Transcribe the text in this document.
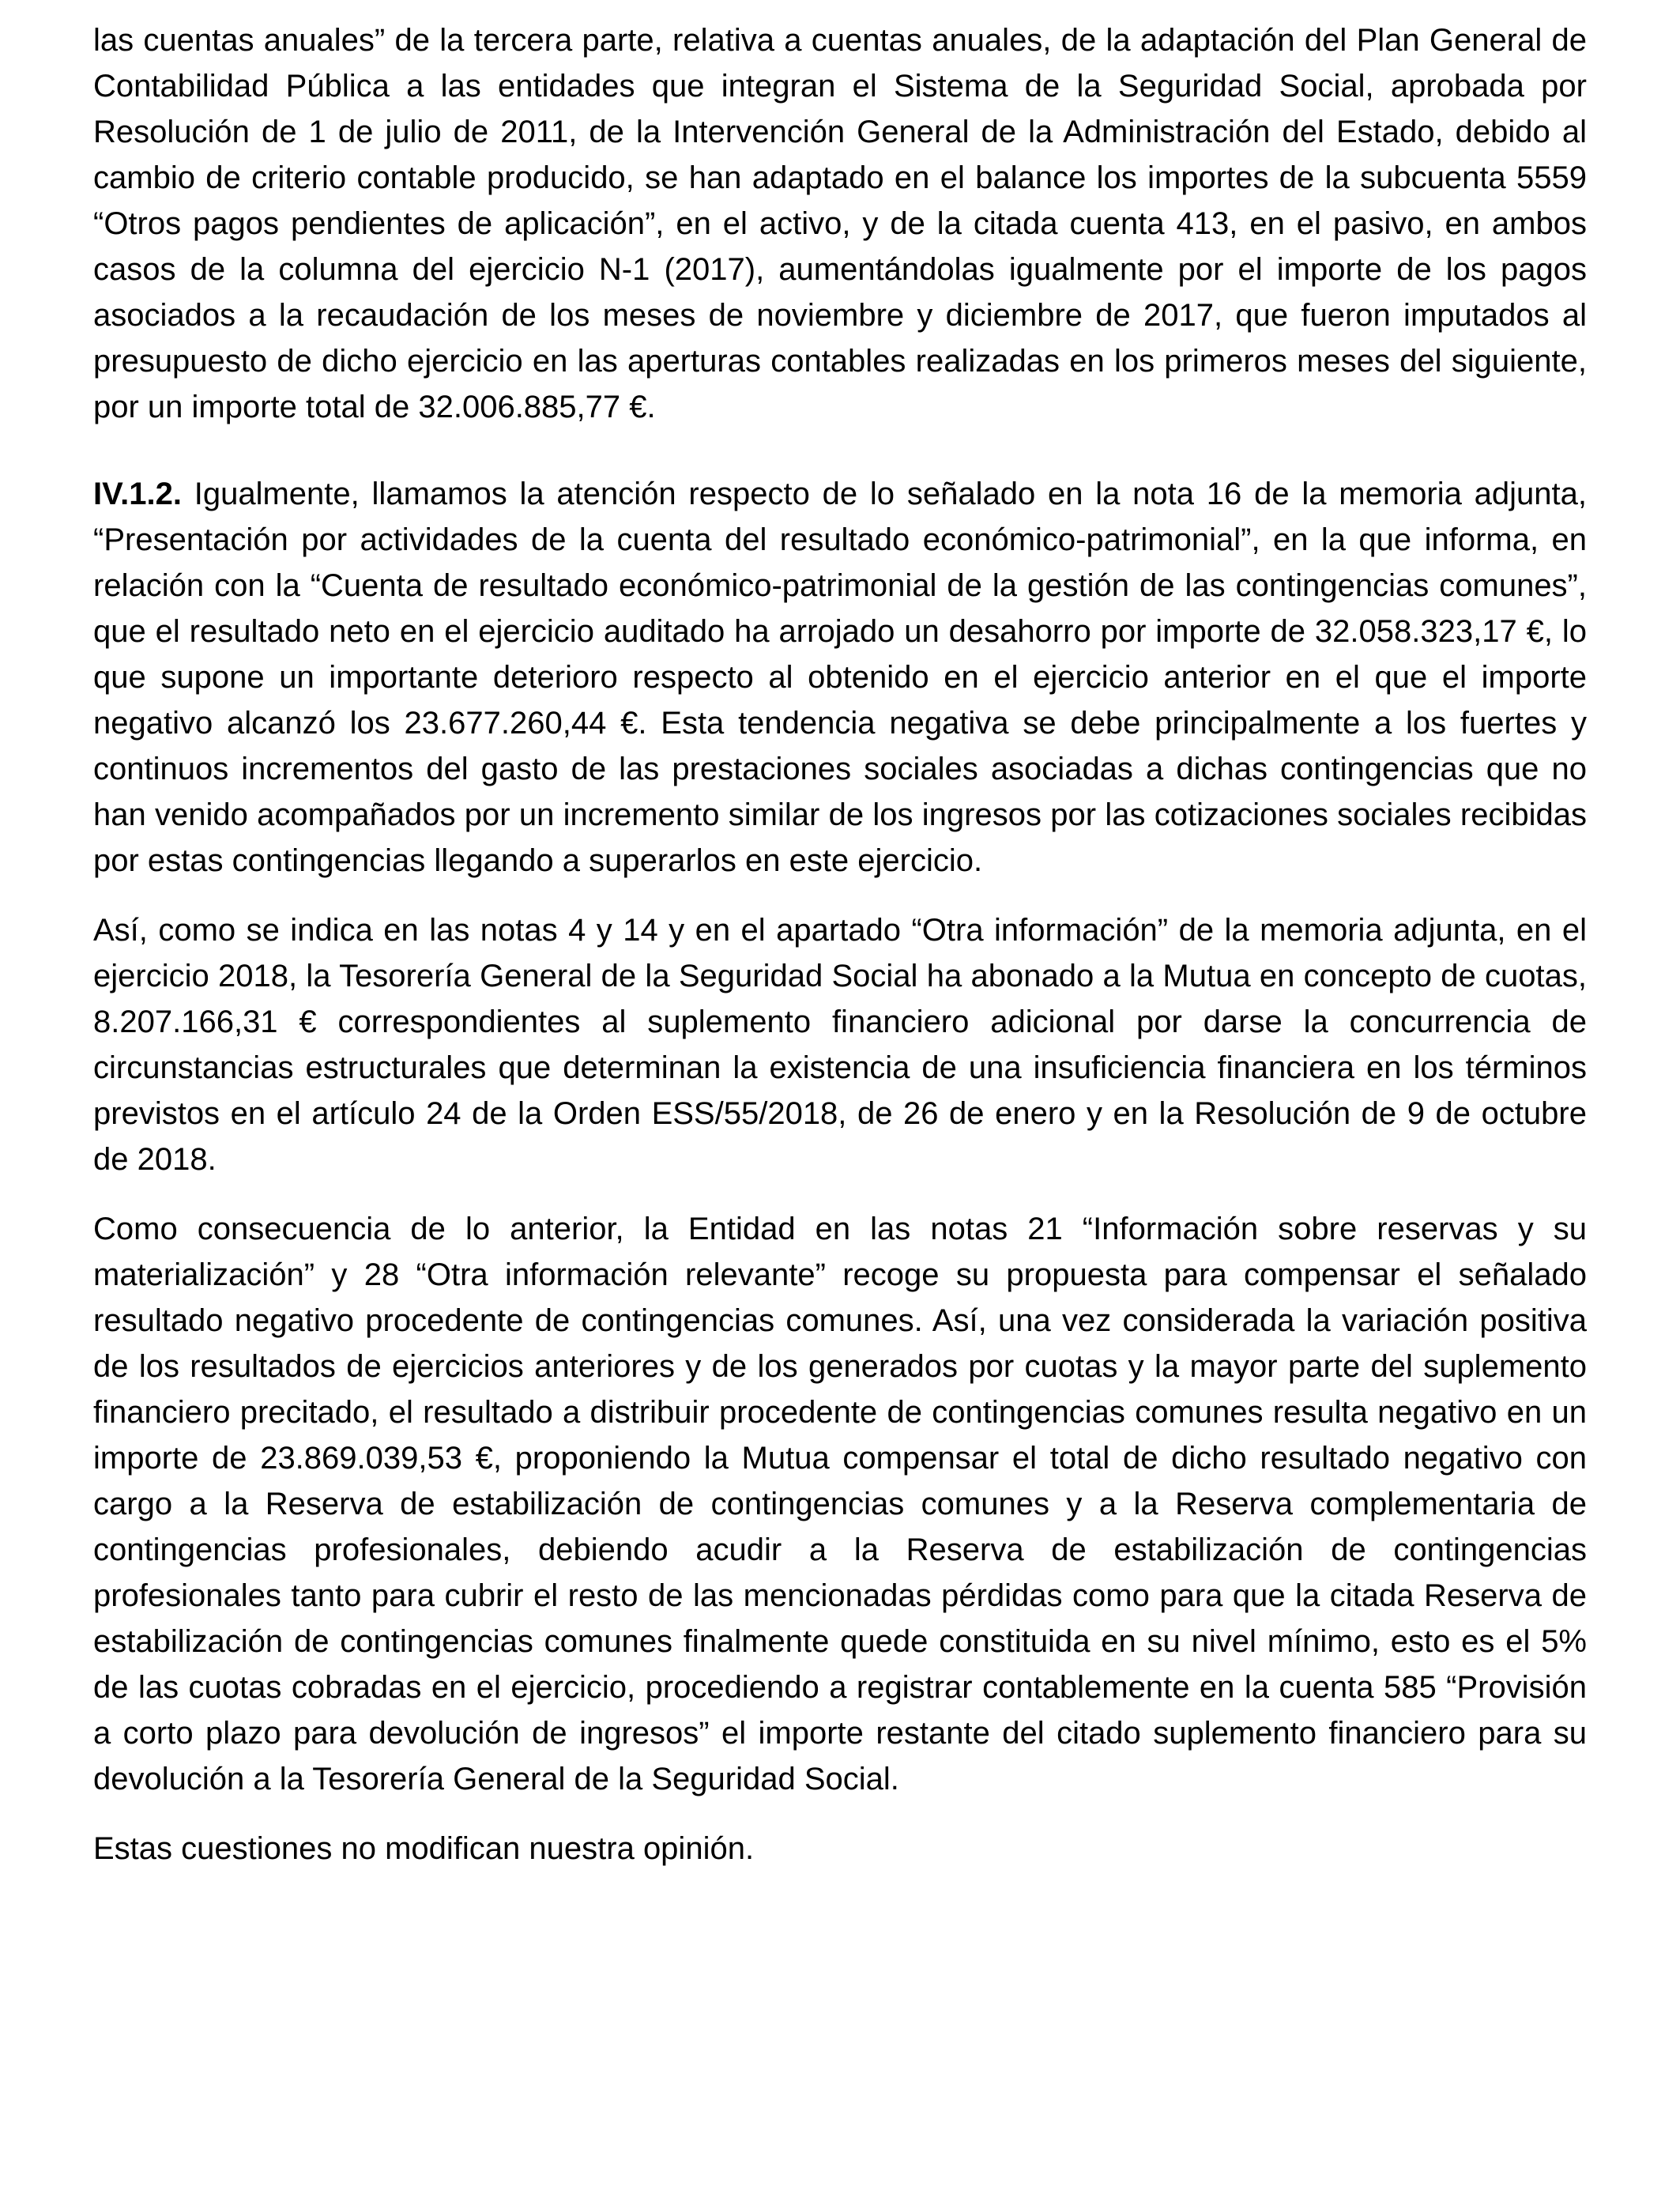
las cuentas anuales” de la tercera parte, relativa a cuentas anuales, de la adaptación del Plan General de Contabilidad Pública a las entidades que integran el Sistema de la Seguridad Social, aprobada por Resolución de 1 de julio de 2011, de la Intervención General de la Administración del Estado, debido al cambio de criterio contable producido, se han adaptado en el balance los importes de la subcuenta 5559 “Otros pagos pendientes de aplicación”, en el activo, y de la citada cuenta 413, en el pasivo, en ambos casos de la columna del ejercicio N-1 (2017), aumentándolas igualmente por el importe de los pagos asociados a la recaudación de los meses de noviembre y diciembre de 2017, que fueron imputados al presupuesto de dicho ejercicio en las aperturas contables realizadas en los primeros meses del siguiente, por un importe total de 32.006.885,77 €.

IV.1.2. Igualmente, llamamos la atención respecto de lo señalado en la nota 16 de la memoria adjunta, “Presentación por actividades de la cuenta del resultado económico-patrimonial”, en la que informa, en relación con la “Cuenta de resultado económico-patrimonial de la gestión de las contingencias comunes”, que el resultado neto en el ejercicio auditado ha arrojado un desahorro por importe de 32.058.323,17 €, lo que supone un importante deterioro respecto al obtenido en el ejercicio anterior en el que el importe negativo alcanzó los 23.677.260,44 €. Esta tendencia negativa se debe principalmente a los fuertes y continuos incrementos del gasto de las prestaciones sociales asociadas a dichas contingencias que no han venido acompañados por un incremento similar de los ingresos por las cotizaciones sociales recibidas por estas contingencias llegando a superarlos en este ejercicio.

Así, como se indica en las notas 4 y 14 y en el apartado “Otra información” de la memoria adjunta, en el ejercicio 2018, la Tesorería General de la Seguridad Social ha abonado a la Mutua en concepto de cuotas, 8.207.166,31 € correspondientes al suplemento financiero adicional por darse la concurrencia de circunstancias estructurales que determinan la existencia de una insuficiencia financiera en los términos previstos en el artículo 24 de la Orden ESS/55/2018, de 26 de enero y en la Resolución de 9 de octubre de 2018.

Como consecuencia de lo anterior, la Entidad en las notas 21 “Información sobre reservas y su materialización” y 28 “Otra información relevante” recoge su propuesta para compensar el señalado resultado negativo procedente de contingencias comunes. Así, una vez considerada la variación positiva de los resultados de ejercicios anteriores y de los generados por cuotas y la mayor parte del suplemento financiero precitado, el resultado a distribuir procedente de contingencias comunes resulta negativo en un importe de 23.869.039,53 €, proponiendo la Mutua compensar el total de dicho resultado negativo con cargo a la Reserva de estabilización de contingencias comunes y a la Reserva complementaria de contingencias profesionales, debiendo acudir a la Reserva de estabilización de contingencias profesionales tanto para cubrir el resto de las mencionadas pérdidas como para que la citada Reserva de estabilización de contingencias comunes finalmente quede constituida en su nivel mínimo, esto es el 5% de las cuotas cobradas en el ejercicio, procediendo a registrar contablemente en la cuenta 585 “Provisión a corto plazo para devolución de ingresos” el importe restante del citado suplemento financiero para su devolución a la Tesorería General de la Seguridad Social.

Estas cuestiones no modifican nuestra opinión.
